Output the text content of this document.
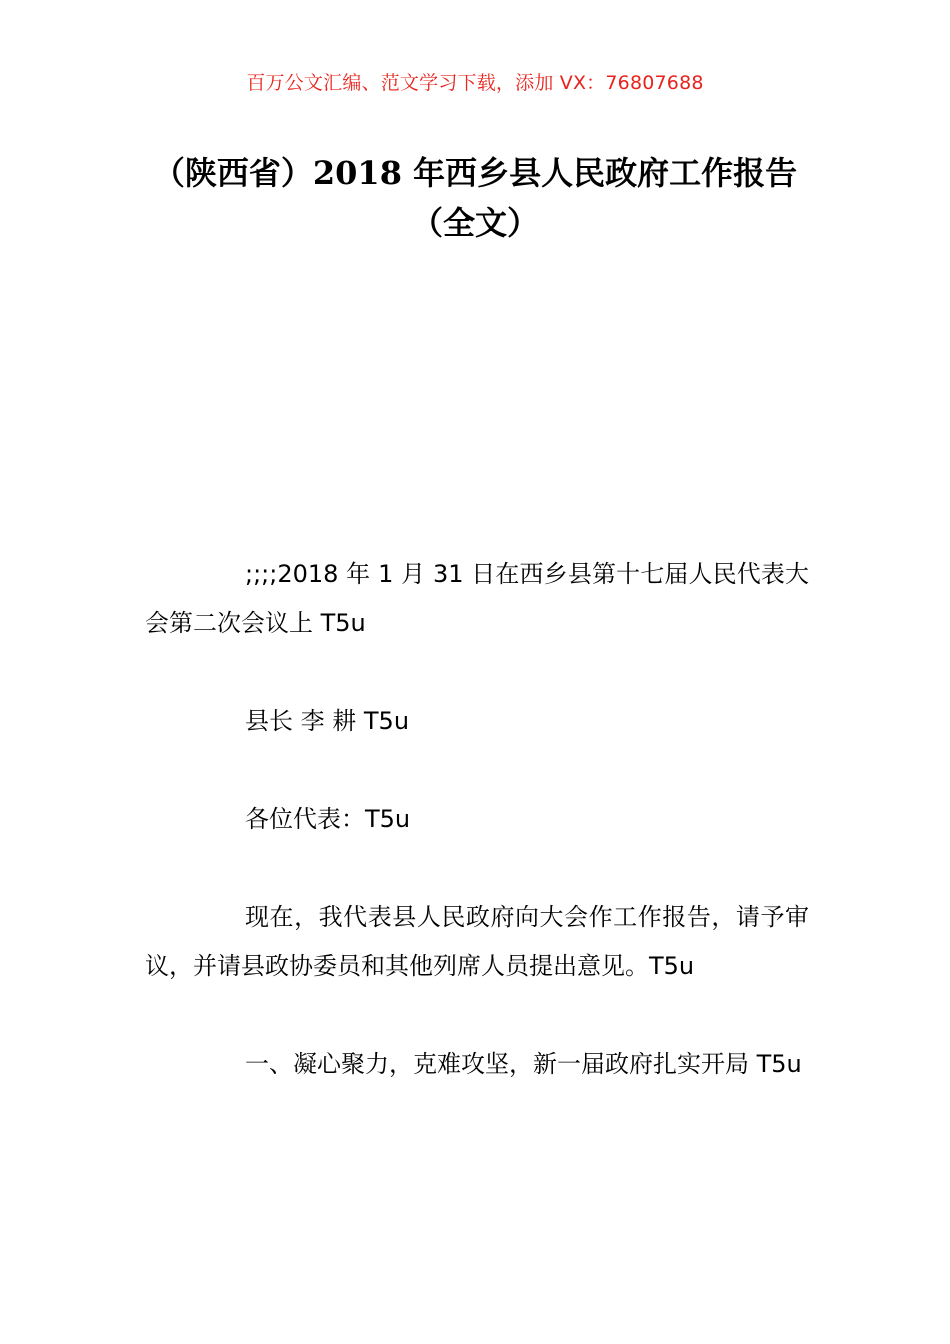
百万公文汇编、范文学习下载，添加 VX：76807688
（陕西省）2018 年西乡县人民政府工作报告（全文）

;;;;2018 年 1 月 31 日在西乡县第十七届人民代表大会第二次会议上 T5u

县长 李 耕 T5u

各位代表：T5u

现在，我代表县人民政府向大会作工作报告，请予审议，并请县政协委员和其他列席人员提出意见。T5u

一、凝心聚力，克难攻坚，新一届政府扎实开局 T5u
